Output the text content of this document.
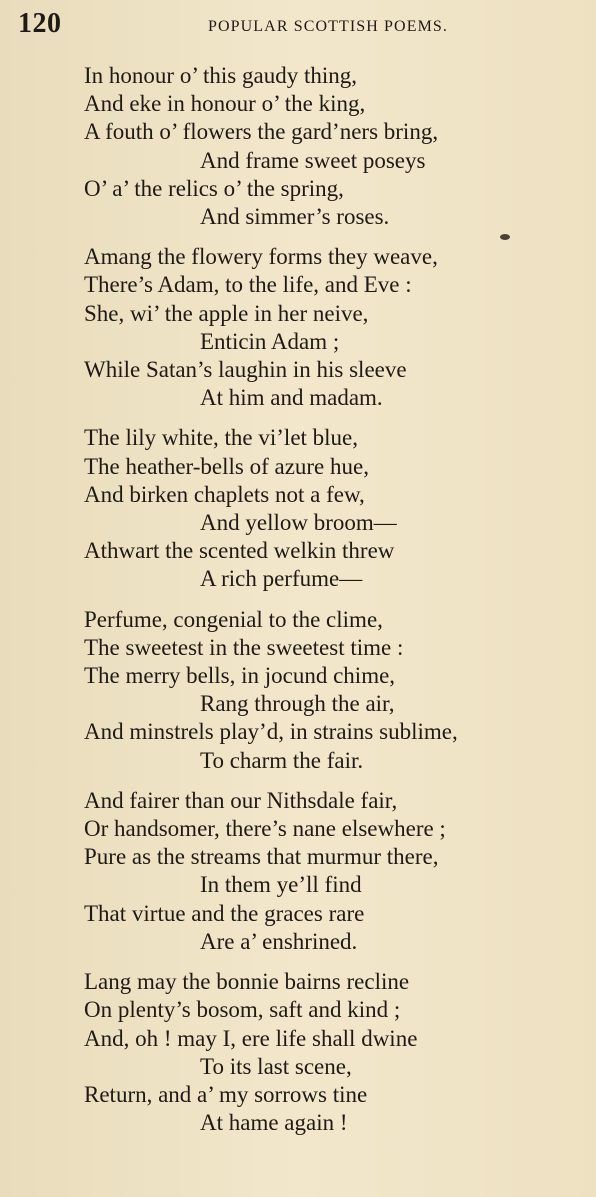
120	POPULAR SCOTTISH POEMS.
In honour o’ this gaudy thing,
And eke in honour o’ the king,
A fouth o’ flowers the gard’ners bring,
And frame sweet poseys
O’ a’ the relics o’ the spring,
And simmer’s roses.
Amang the flowery forms they weave,
There’s Adam, to the life, and Eve :
She, wi’ the apple in her neive,
Enticin Adam ;
While Satan’s laughin in his sleeve
At him and madam.
The lily white, the vi’let blue,
The heather-bells of azure hue,
And birken chaplets not a few,
And yellow broom—
Athwart the scented welkin threw
A rich perfume—
Perfume, congenial to the clime,
The sweetest in the sweetest time :
The merry bells, in jocund chime,
Rang through the air,
And minstrels play’d, in strains sublime,
To charm the fair.
And fairer than our Nithsdale fair,
Or handsomer, there’s nane elsewhere ;
Pure as the streams that murmur there,
In them ye’ll find
That virtue and the graces rare
Are a’ enshrined.
Lang may the bonnie bairns recline
On plenty’s bosom, saft and kind ;
And, oh ! may I, ere life shall dwine
To its last scene,
Return, and a’ my sorrows tine
At hame again !
